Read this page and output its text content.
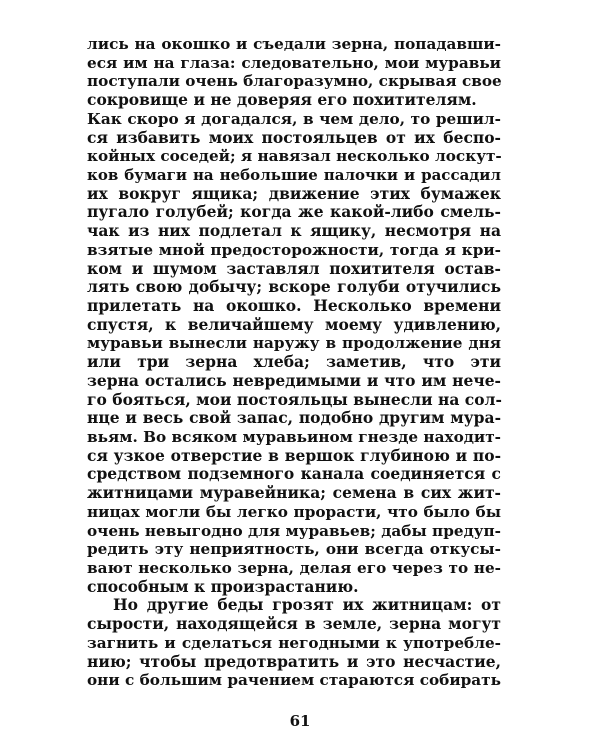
лись на окошко и съедали зерна, попадавши-
еся им на глаза: следовательно, мои муравьи
поступали очень благоразумно, скрывая свое
сокровище и не доверяя его похитителям.
Как скоро я догадался, в чем дело, то решил-
ся избавить моих постояльцев от их беспо-
койных соседей; я навязал несколько лоскут-
ков бумаги на небольшие палочки и рассадил
их вокруг ящика; движение этих бумажек
пугало голубей; когда же какой-либо смель-
чак из них подлетал к ящику, несмотря на
взятые мной предосторожности, тогда я кри-
ком и шумом заставлял похитителя остав-
лять свою добычу; вскоре голуби отучились
прилетать на окошко. Несколько времени
спустя, к величайшему моему удивлению,
муравьи вынесли наружу в продолжение дня
или три зерна хлеба; заметив, что эти
зерна остались невредимыми и что им нече-
го бояться, мои постояльцы вынесли на сол-
нце и весь свой запас, подобно другим мура-
вьям. Во всяком муравьином гнезде находит-
ся узкое отверстие в вершок глубиною и по-
средством подземного канала соединяется с
житницами муравейника; семена в сих жит-
ницах могли бы легко прорасти, что было бы
очень невыгодно для муравьев; дабы предуп-
редить эту неприятность, они всегда откусы-
вают несколько зерна, делая его через то не-
способным к произрастанию.
Но другие беды грозят их житницам: от
сырости, находящейся в земле, зерна могут
загнить и сделаться негодными к употребле-
нию; чтобы предотвратить и это несчастие,
они с большим рачением стараются собирать
61
